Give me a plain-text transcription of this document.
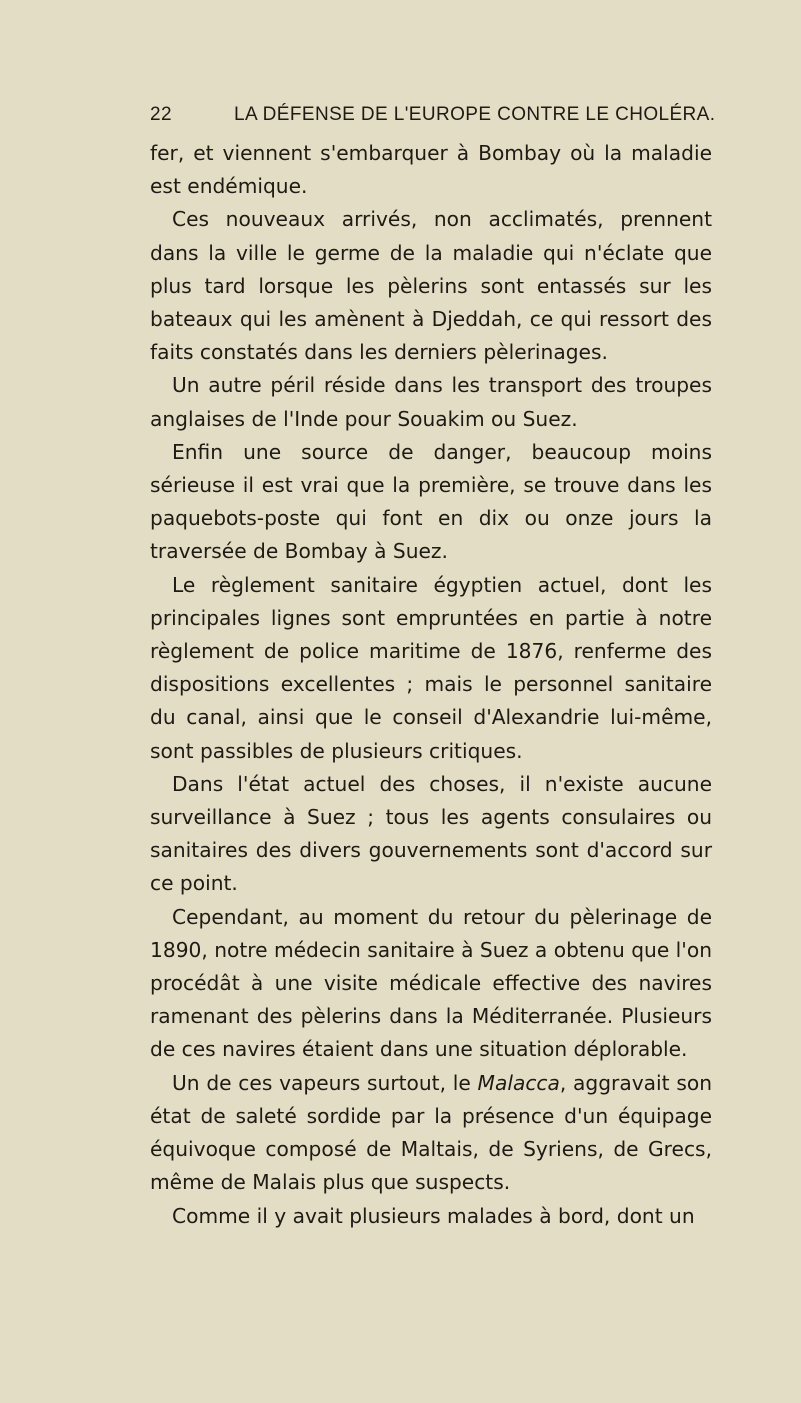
22	LA DÉFENSE DE L'EUROPE CONTRE LE CHOLÉRA.

fer, et viennent s'embarquer à Bombay où la maladie est endémique.

Ces nouveaux arrivés, non acclimatés, prennent dans la ville le germe de la maladie qui n'éclate que plus tard lorsque les pèlerins sont entassés sur les bateaux qui les amènent à Djeddah, ce qui ressort des faits constatés dans les derniers pèlerinages.

Un autre péril réside dans les transport des troupes anglaises de l'Inde pour Souakim ou Suez.

Enfin une source de danger, beaucoup moins sérieuse il est vrai que la première, se trouve dans les paquebots-poste qui font en dix ou onze jours la traversée de Bombay à Suez.

Le règlement sanitaire égyptien actuel, dont les principales lignes sont empruntées en partie à notre règlement de police maritime de 1876, renferme des dispositions excellentes ; mais le personnel sanitaire du canal, ainsi que le conseil d'Alexandrie lui-même, sont passibles de plusieurs critiques.

Dans l'état actuel des choses, il n'existe aucune surveillance à Suez ; tous les agents consulaires ou sanitaires des divers gouvernements sont d'accord sur ce point.

Cependant, au moment du retour du pèlerinage de 1890, notre médecin sanitaire à Suez a obtenu que l'on procédât à une visite médicale effective des navires ramenant des pèlerins dans la Méditerranée. Plusieurs de ces navires étaient dans une situation déplorable.

Un de ces vapeurs surtout, le Malacca, aggravait son état de saleté sordide par la présence d'un équipage équivoque composé de Maltais, de Syriens, de Grecs, même de Malais plus que suspects.

Comme il y avait plusieurs malades à bord, dont un
